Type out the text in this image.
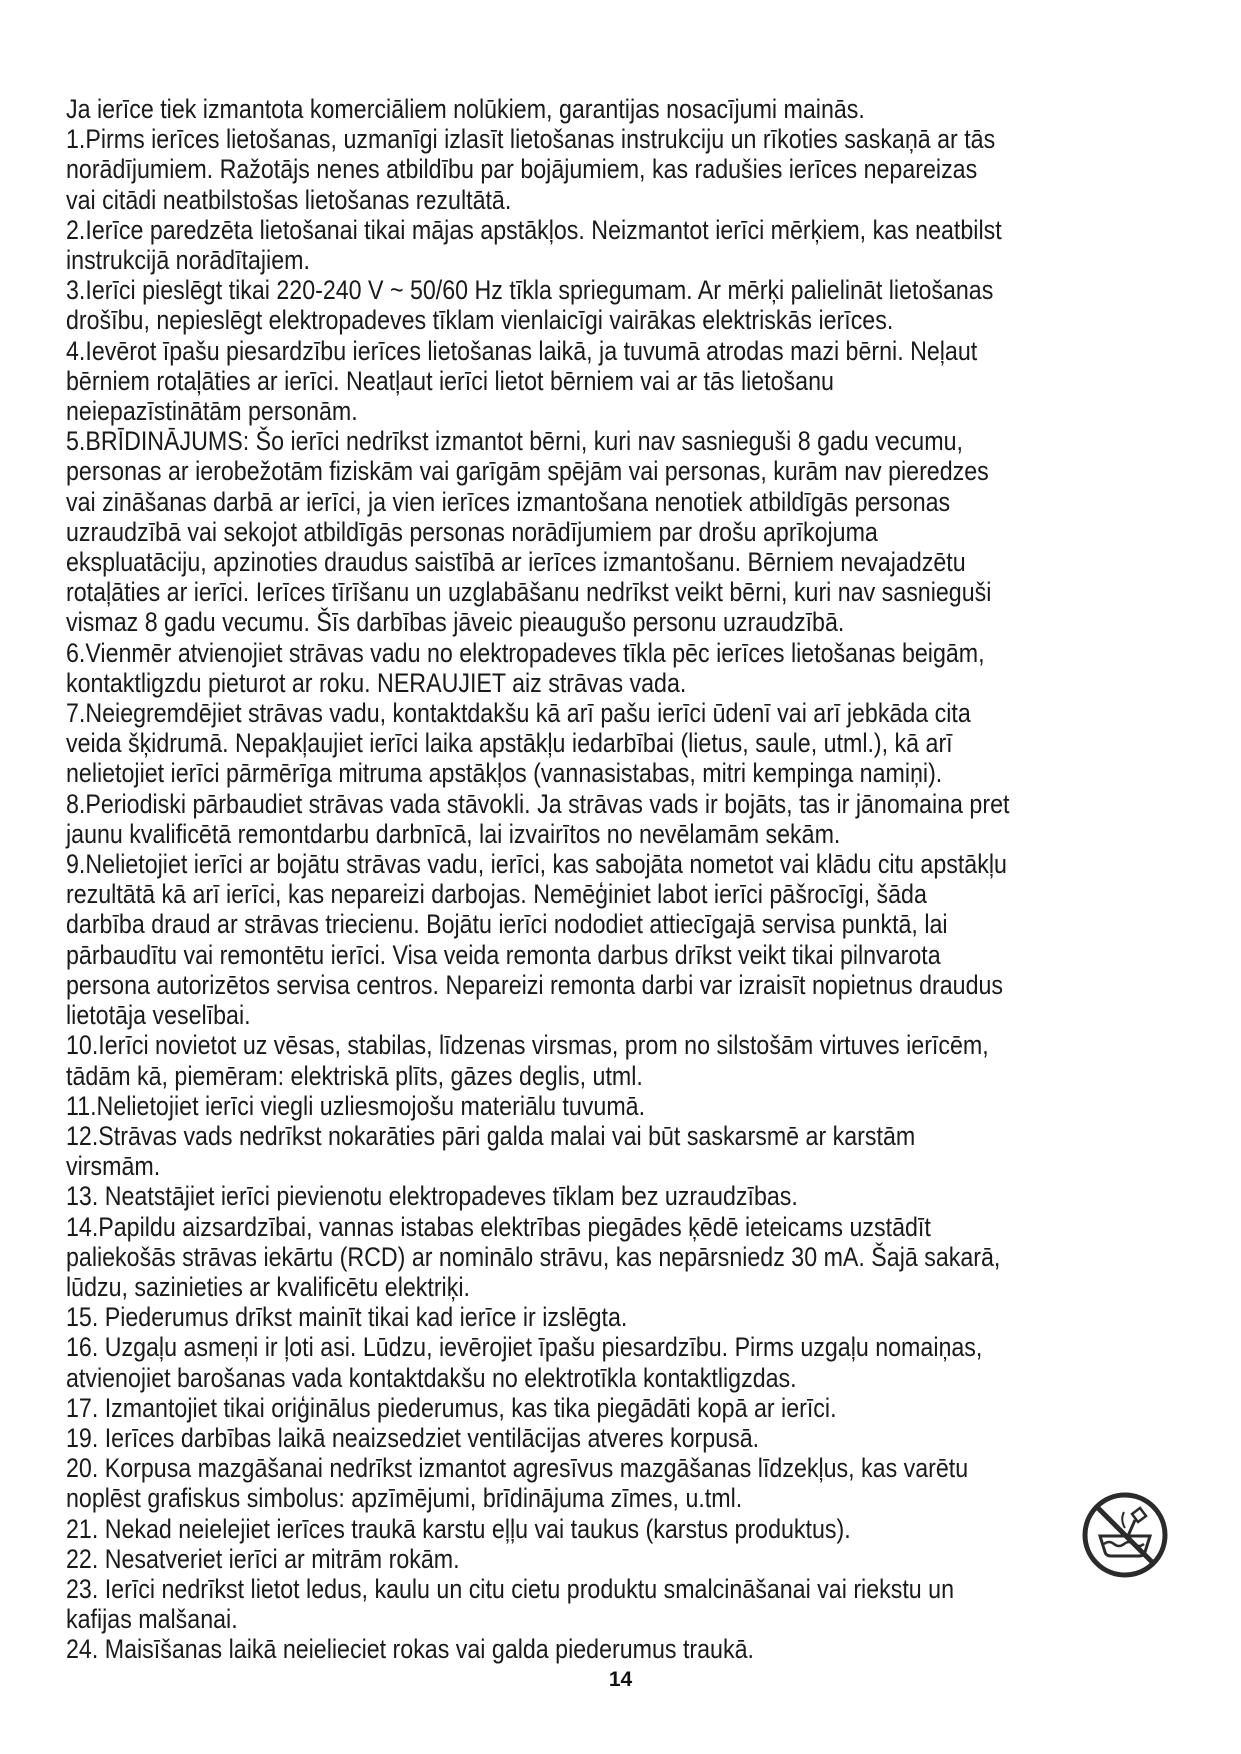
Ja ierīce tiek izmantota komerciāliem nolūkiem, garantijas nosacījumi mainās.
1.Pirms ierīces lietošanas, uzmanīgi izlasīt lietošanas instrukciju un rīkoties saskaņā ar tās
norādījumiem. Ražotājs nenes atbildību par bojājumiem, kas radušies ierīces nepareizas
vai citādi neatbilstošas lietošanas rezultātā.
2.Ierīce paredzēta lietošanai tikai mājas apstākļos. Neizmantot ierīci mērķiem, kas neatbilst
instrukcijā norādītajiem.
3.Ierīci pieslēgt tikai 220-240 V ~ 50/60 Hz tīkla spriegumam. Ar mērķi palielināt lietošanas
drošību, nepieslēgt elektropadeves tīklam vienlaicīgi vairākas elektriskās ierīces.
4.Ievērot īpašu piesardzību ierīces lietošanas laikā, ja tuvumā atrodas mazi bērni. Neļaut
bērniem rotaļāties ar ierīci. Neatļaut ierīci lietot bērniem vai ar tās lietošanu
neiepazīstinātām personām.
5.BRĪDINĀJUMS: Šo ierīci nedrīkst izmantot bērni, kuri nav sasnieguši 8 gadu vecumu,
personas ar ierobežotām fiziskām vai garīgām spējām vai personas, kurām nav pieredzes
vai zināšanas darbā ar ierīci, ja vien ierīces izmantošana nenotiek atbildīgās personas
uzraudzībā vai sekojot atbildīgās personas norādījumiem par drošu aprīkojuma
ekspluatāciju, apzinoties draudus saistībā ar ierīces izmantošanu. Bērniem nevajadzētu
rotaļāties ar ierīci. Ierīces tīrīšanu un uzglabāšanu nedrīkst veikt bērni, kuri nav sasnieguši
vismaz 8 gadu vecumu. Šīs darbības jāveic pieaugušo personu uzraudzībā.
6.Vienmēr atvienojiet strāvas vadu no elektropadeves tīkla pēc ierīces lietošanas beigām,
kontaktligzdu pieturot ar roku. NERAUJIET aiz strāvas vada.
7.Neiegremdējiet strāvas vadu, kontaktdakšu kā arī pašu ierīci ūdenī vai arī jebkāda cita
veida šķidrumā. Nepakļaujiet ierīci laika apstākļu iedarbībai (lietus, saule, utml.), kā arī
nelietojiet ierīci pārmērīga mitruma apstākļos (vannasistabas, mitri kempinga namiņi).
8.Periodiski pārbaudiet strāvas vada stāvokli. Ja strāvas vads ir bojāts, tas ir jānomaina pret
jaunu kvalificētā remontdarbu darbnīcā, lai izvairītos no nevēlamām sekām.
9.Nelietojiet ierīci ar bojātu strāvas vadu, ierīci, kas sabojāta nometot vai klādu citu apstākļu
rezultātā kā arī ierīci, kas nepareizi darbojas. Nemēģiniet labot ierīci pāšrocīgi, šāda
darbība draud ar strāvas triecienu. Bojātu ierīci nododiet attiecīgajā servisa punktā, lai
pārbaudītu vai remontētu ierīci. Visa veida remonta darbus drīkst veikt tikai pilnvarota
persona autorizētos servisa centros. Nepareizi remonta darbi var izraisīt nopietnus draudus
lietotāja veselībai.
10.Ierīci novietot uz vēsas, stabilas, līdzenas virsmas, prom no silstošām virtuves ierīcēm,
tādām kā, piemēram: elektriskā plīts, gāzes deglis, utml.
11.Nelietojiet ierīci viegli uzliesmojošu materiālu tuvumā.
12.Strāvas vads nedrīkst nokarāties pāri galda malai vai būt saskarsmē ar karstām
virsmām.
13. Neatstājiet ierīci pievienotu elektropadeves tīklam bez uzraudzības.
14.Papildu aizsardzībai, vannas istabas elektrības piegādes ķēdē ieteicams uzstādīt
paliekošās strāvas iekārtu (RCD) ar nominālo strāvu, kas nepārsniedz 30 mA. Šajā sakarā,
lūdzu, sazinieties ar kvalificētu elektriķi.
15. Piederumus drīkst mainīt tikai kad ierīce ir izslēgta.
16. Uzgaļu asmeņi ir ļoti asi. Lūdzu, ievērojiet īpašu piesardzību. Pirms uzgaļu nomaiņas,
atvienojiet barošanas vada kontaktdakšu no elektrotīkla kontaktligzdas.
17. Izmantojiet tikai oriģinālus piederumus, kas tika piegādāti kopā ar ierīci.
19. Ierīces darbības laikā neaizsedziet ventilācijas atveres korpusā.
20. Korpusa mazgāšanai nedrīkst izmantot agresīvus mazgāšanas līdzekļus, kas varētu
noplēst grafiskus simbolus: apzīmējumi, brīdinājuma zīmes, u.tml.
21. Nekad neielejiet ierīces traukā karstu eļļu vai taukus (karstus produktus).
22. Nesatveriet ierīci ar mitrām rokām.
23. Ierīci nedrīkst lietot ledus, kaulu un citu cietu produktu smalcināšanai vai riekstu un
kafijas malšanai.
24. Maisīšanas laikā neielieciet rokas vai galda piederumus traukā.
14
